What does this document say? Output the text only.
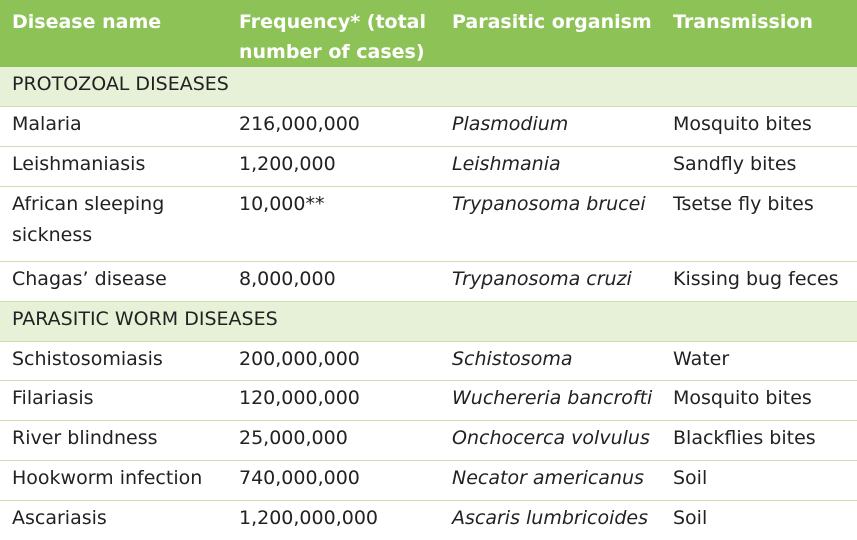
Disease name	Frequency* (total number of cases)	Parasitic organism	Transmission
PROTOZOAL DISEASES			
Malaria	216,000,000	Plasmodium	Mosquito bites
Leishmaniasis	1,200,000	Leishmania	Sandfly bites
African sleeping sickness	10,000**	Trypanosoma brucei	Tsetse fly bites
Chagas’ disease	8,000,000	Trypanosoma cruzi	Kissing bug feces
PARASITIC WORM DISEASES			
Schistosomiasis	200,000,000	Schistosoma	Water
Filariasis	120,000,000	Wuchereria bancrofti	Mosquito bites
River blindness	25,000,000	Onchocerca volvulus	Blackflies bites
Hookworm infection	740,000,000	Necator americanus	Soil
Ascariasis	1,200,000,000	Ascaris lumbricoides	Soil
